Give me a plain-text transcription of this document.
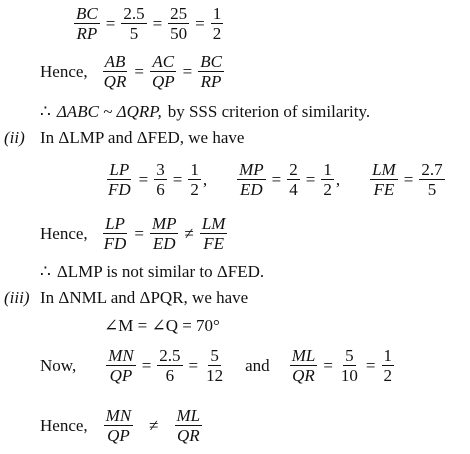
$\frac{BC}{RP} = \frac{2.5}{5} = \frac{25}{50} = \frac{1}{2}$
Hence, $\frac{AB}{QR} = \frac{AC}{QP} = \frac{BC}{RP}$
∴ ΔABC ~ ΔQRP, by SSS criterion of similarity.
(ii) In ΔLMP and ΔFED, we have
$\frac{LP}{FD} = \frac{3}{6} = \frac{1}{2}$ , $\frac{MP}{ED} = \frac{2}{4} = \frac{1}{2}$ , $\frac{LM}{FE} = \frac{2.7}{5}$
Hence, $\frac{LP}{FD} = \frac{MP}{ED} \ne \frac{LM}{FE}$
∴ ΔLMP is not similar to ΔFED.
(iii) In ΔNML and ΔPQR, we have
∠M = ∠Q = 70°
Now, $\frac{MN}{QP} = \frac{2.5}{6} = \frac{5}{12}$ and $\frac{ML}{QR} = \frac{5}{10} = \frac{1}{2}$
Hence, $\frac{MN}{QP} \ne \frac{ML}{QR}$
